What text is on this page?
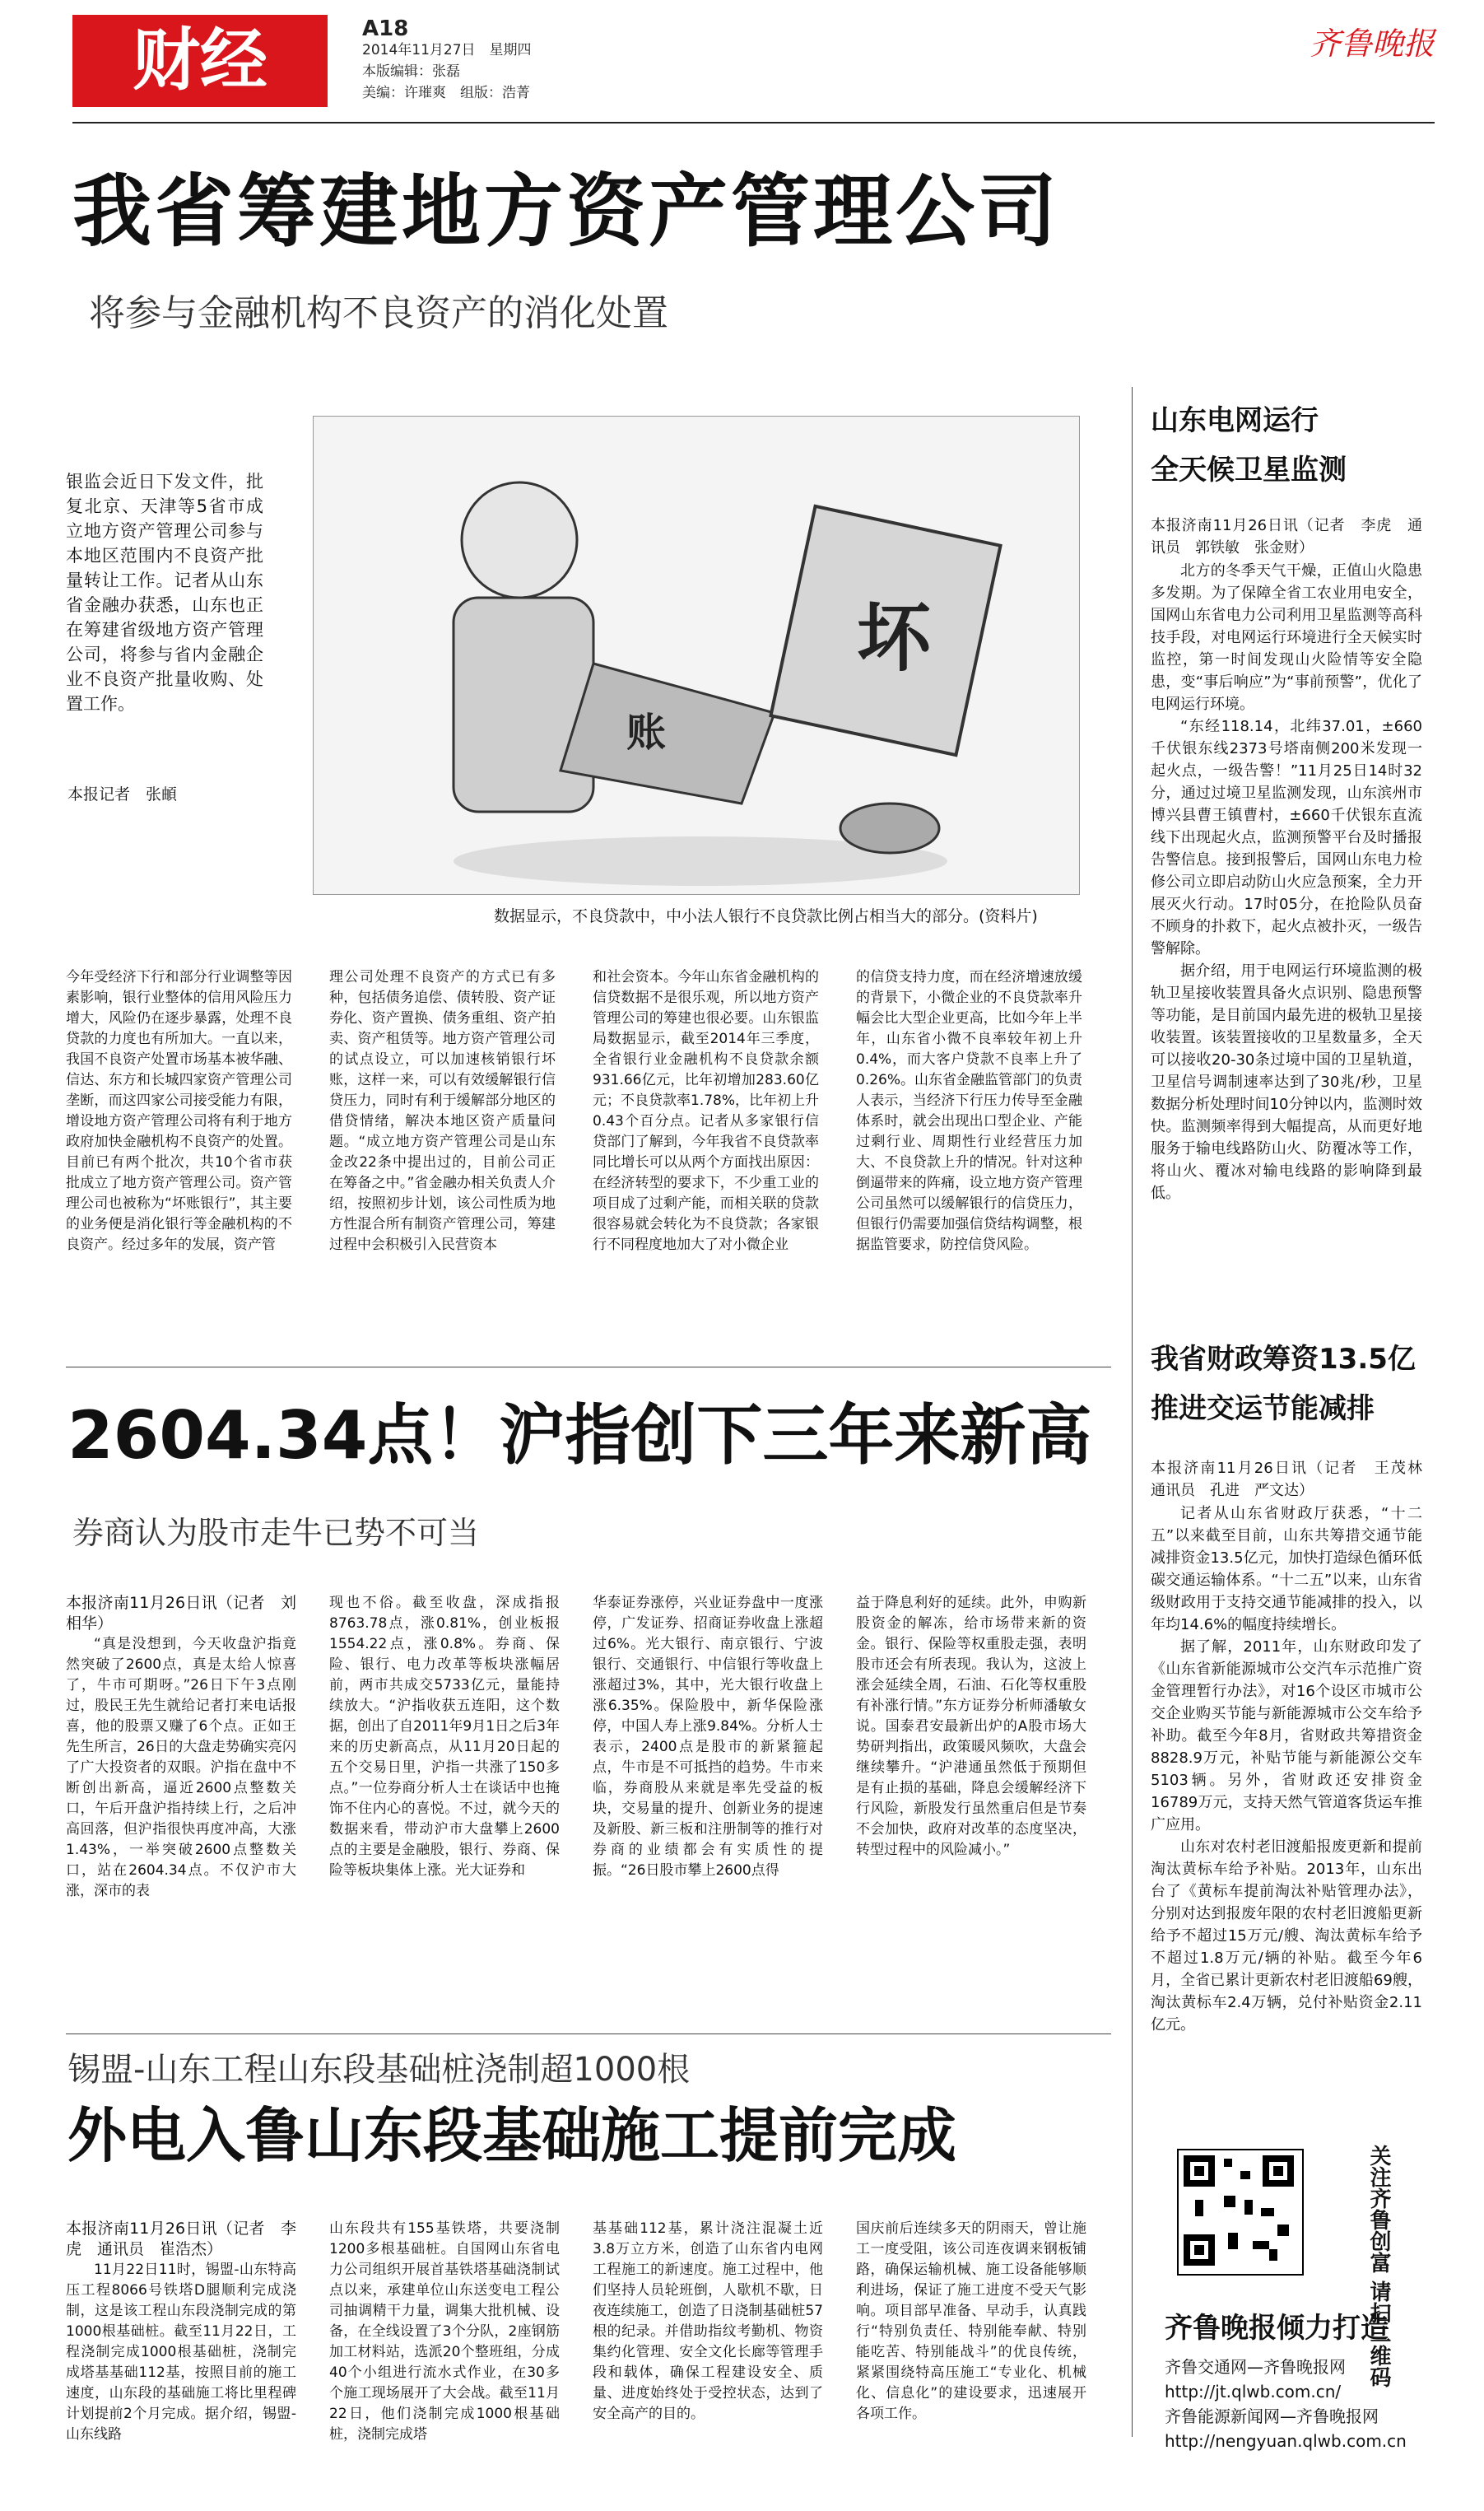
财经	A18
2014年11月27日　星期四
本版编辑：张磊
美编：许璀爽　组版：浩菁
齐鲁晚报
我省筹建地方资产管理公司
将参与金融机构不良资产的消化处置
银监会近日下发文件，批复北京、天津等5省市成立地方资产管理公司参与本地区范围内不良资产批量转让工作。记者从山东省金融办获悉，山东也正在筹建省级地方资产管理公司，将参与省内金融企业不良资产批量收购、处置工作。
本报记者　张頔
坏
账
数据显示，不良贷款中，中小法人银行不良贷款比例占相当大的部分。(资料片)
今年受经济下行和部分行业调整等因素影响，银行业整体的信用风险压力增大，风险仍在逐步暴露，处理不良贷款的力度也有所加大。一直以来，我国不良资产处置市场基本被华融、信达、东方和长城四家资产管理公司垄断，而这四家公司接受能力有限，增设地方资产管理公司将有利于地方政府加快金融机构不良资产的处置。目前已有两个批次，共10个省市获批成立了地方资产管理公司。资产管理公司也被称为“坏账银行”，其主要的业务便是消化银行等金融机构的不良资产。经过多年的发展，资产管
理公司处理不良资产的方式已有多种，包括债务追偿、债转股、资产证券化、资产置换、债务重组、资产拍卖、资产租赁等。地方资产管理公司的试点设立，可以加速核销银行坏账，这样一来，可以有效缓解银行信贷压力，同时有利于缓解部分地区的借贷情绪，解决本地区资产质量问题。“成立地方资产管理公司是山东金改22条中提出过的，目前公司正在筹备之中。”省金融办相关负责人介绍，按照初步计划，该公司性质为地方性混合所有制资产管理公司，筹建过程中会积极引入民营资本
和社会资本。今年山东省金融机构的信贷数据不是很乐观，所以地方资产管理公司的筹建也很必要。山东银监局数据显示，截至2014年三季度，全省银行业金融机构不良贷款余额931.66亿元，比年初增加283.60亿元；不良贷款率1.78%，比年初上升0.43个百分点。记者从多家银行信贷部门了解到，今年我省不良贷款率同比增长可以从两个方面找出原因：在经济转型的要求下，不少重工业的项目成了过剩产能，而相关联的贷款很容易就会转化为不良贷款；各家银行不同程度地加大了对小微企业
的信贷支持力度，而在经济增速放缓的背景下，小微企业的不良贷款率升幅会比大型企业更高，比如今年上半年，山东省小微不良率较年初上升0.4%，而大客户贷款不良率上升了0.26%。山东省金融监管部门的负责人表示，当经济下行压力传导至金融体系时，就会出现出口型企业、产能过剩行业、周期性行业经营压力加大、不良贷款上升的情况。针对这种倒逼带来的阵痛，设立地方资产管理公司虽然可以缓解银行的信贷压力，但银行仍需要加强信贷结构调整，根据监管要求，防控信贷风险。
山东电网运行
全天候卫星监测
本报济南11月26日讯（记者　李虎　通讯员　郭铁敏　张金财）

北方的冬季天气干燥，正值山火隐患多发期。为了保障全省工农业用电安全，国网山东省电力公司利用卫星监测等高科技手段，对电网运行环境进行全天候实时监控，第一时间发现山火险情等安全隐患，变“事后响应”为“事前预警”，优化了电网运行环境。

“东经118.14，北纬37.01，±660千伏银东线2373号塔南侧200米发现一起火点，一级告警！”11月25日14时32分，通过过境卫星监测发现，山东滨州市博兴县曹王镇曹村，±660千伏银东直流线下出现起火点，监测预警平台及时播报告警信息。接到报警后，国网山东电力检修公司立即启动防山火应急预案，全力开展灭火行动。17时05分，在抢险队员奋不顾身的扑救下，起火点被扑灭，一级告警解除。

据介绍，用于电网运行环境监测的极轨卫星接收装置具备火点识别、隐患预警等功能，是目前国内最先进的极轨卫星接收装置。该装置接收的卫星数量多，全天可以接收20-30条过境中国的卫星轨道，卫星信号调制速率达到了30兆/秒，卫星数据分析处理时间10分钟以内，监测时效快。监测频率得到大幅提高，从而更好地服务于输电线路防山火、防覆冰等工作，将山火、覆冰对输电线路的影响降到最低。

我省财政筹资13.5亿
推进交运节能减排
本报济南11月26日讯（记者　王茂林　通讯员　孔进　严文达）

记者从山东省财政厅获悉，“十二五”以来截至目前，山东共筹措交通节能减排资金13.5亿元，加快打造绿色循环低碳交通运输体系。“十二五”以来，山东省级财政用于支持交通节能减排的投入，以年均14.6%的幅度持续增长。

据了解，2011年，山东财政印发了《山东省新能源城市公交汽车示范推广资金管理暂行办法》，对16个设区市城市公交企业购买节能与新能源城市公交车给予补助。截至今年8月，省财政共筹措资金8828.9万元，补贴节能与新能源公交车5103辆。另外，省财政还安排资金16789万元，支持天然气管道客货运车推广应用。

山东对农村老旧渡船报废更新和提前淘汰黄标车给予补贴。2013年，山东出台了《黄标车提前淘汰补贴管理办法》，分别对达到报废年限的农村老旧渡船更新给予不超过15万元/艘、淘汰黄标车给予不超过1.8万元/辆的补贴。截至今年6月，全省已累计更新农村老旧渡船69艘，淘汰黄标车2.4万辆，兑付补贴资金2.11亿元。

2604.34点！沪指创下三年来新高
券商认为股市走牛已势不可当
本报济南11月26日讯（记者　刘相华）

“真是没想到，今天收盘沪指竟然突破了2600点，真是太给人惊喜了，牛市可期呀。”26日下午3点刚过，股民王先生就给记者打来电话报喜，他的股票又赚了6个点。正如王先生所言，26日的大盘走势确实亮闪了广大投资者的双眼。沪指在盘中不断创出新高，逼近2600点整数关口，午后开盘沪指持续上行，之后冲高回落，但沪指很快再度冲高，大涨1.43%，一举突破2600点整数关口，站在2604.34点。不仅沪市大涨，深市的表

现也不俗。截至收盘，深成指报8763.78点，涨0.81%，创业板报1554.22点，涨0.8%。券商、保险、银行、电力改革等板块涨幅居前，两市共成交5733亿元，量能持续放大。“沪指收获五连阳，这个数据，创出了自2011年9月1日之后3年来的历史新高点，从11月20日起的五个交易日里，沪指一共涨了150多点。”一位券商分析人士在谈话中也掩饰不住内心的喜悦。不过，就今天的数据来看，带动沪市大盘攀上2600点的主要是金融股，银行、券商、保险等板块集体上涨。光大证券和
华泰证券涨停，兴业证券盘中一度涨停，广发证券、招商证券收盘上涨超过6%。光大银行、南京银行、宁波银行、交通银行、中信银行等收盘上涨超过3%，其中，光大银行收盘上涨6.35%。保险股中，新华保险涨停，中国人寿上涨9.84%。分析人士表示，2400点是股市的新紧箍起点，牛市是不可抵挡的趋势。牛市来临，券商股从来就是率先受益的板块，交易量的提升、创新业务的提速及新股、新三板和注册制等的推行对券商的业绩都会有实质性的提振。“26日股市攀上2600点得
益于降息利好的延续。此外，申购新股资金的解冻，给市场带来新的资金。银行、保险等权重股走强，表明股市还会有所表现。我认为，这波上涨会延续全周，石油、石化等权重股有补涨行情。”东方证券分析师潘敏女说。国泰君安最新出炉的A股市场大势研判指出，政策暖风频吹，大盘会继续攀升。“沪港通虽然低于预期但是有止损的基础，降息会缓解经济下行风险，新股发行虽然重启但是节奏不会加快，政府对改革的态度坚决，转型过程中的风险减小。”
锡盟-山东工程山东段基础桩浇制超1000根
外电入鲁山东段基础施工提前完成
本报济南11月26日讯（记者　李虎　通讯员　崔浩杰）

11月22日11时，锡盟-山东特高压工程8066号铁塔D腿顺利完成浇制，这是该工程山东段浇制完成的第1000根基础桩。截至11月22日，工程浇制完成1000根基础桩，浇制完成塔基基础112基，按照目前的施工速度，山东段的基础施工将比里程碑计划提前2个月完成。据介绍，锡盟-山东线路

山东段共有155基铁塔，共要浇制1200多根基础桩。自国网山东省电力公司组织开展首基铁塔基础浇制试点以来，承建单位山东送变电工程公司抽调精干力量，调集大批机械、设备，在全线设置了3个分队，2座钢筋加工材料站，选派20个整班组，分成40个小组进行流水式作业，在30多个施工现场展开了大会战。截至11月22日，他们浇制完成1000根基础桩，浇制完成塔
基基础112基，累计浇注混凝土近3.8万立方米，创造了山东省内电网工程施工的新速度。施工过程中，他们坚持人员轮班倒，人歇机不歇，日夜连续施工，创造了日浇制基础桩57根的纪录。并借助指纹考勤机、物资集约化管理、安全文化长廊等管理手段和载体，确保工程建设安全、质量、进度始终处于受控状态，达到了安全高产的目的。
国庆前后连续多天的阴雨天，曾让施工一度受阻，该公司连夜调来钢板铺路，确保运输机械、施工设备能够顺利进场，保证了施工进度不受天气影响。项目部早准备、早动手，认真践行“特别负责任、特别能奉献、特别能吃苦、特别能战斗”的优良传统，紧紧围绕特高压施工“专业化、机械化、信息化”的建设要求，迅速展开各项工作。
关注齐鲁创富 请扫二维码
齐鲁晚报倾力打造
齐鲁交通网—齐鲁晚报网
http://jt.qlwb.com.cn/
齐鲁能源新闻网—齐鲁晚报网
http://nengyuan.qlwb.com.cn
